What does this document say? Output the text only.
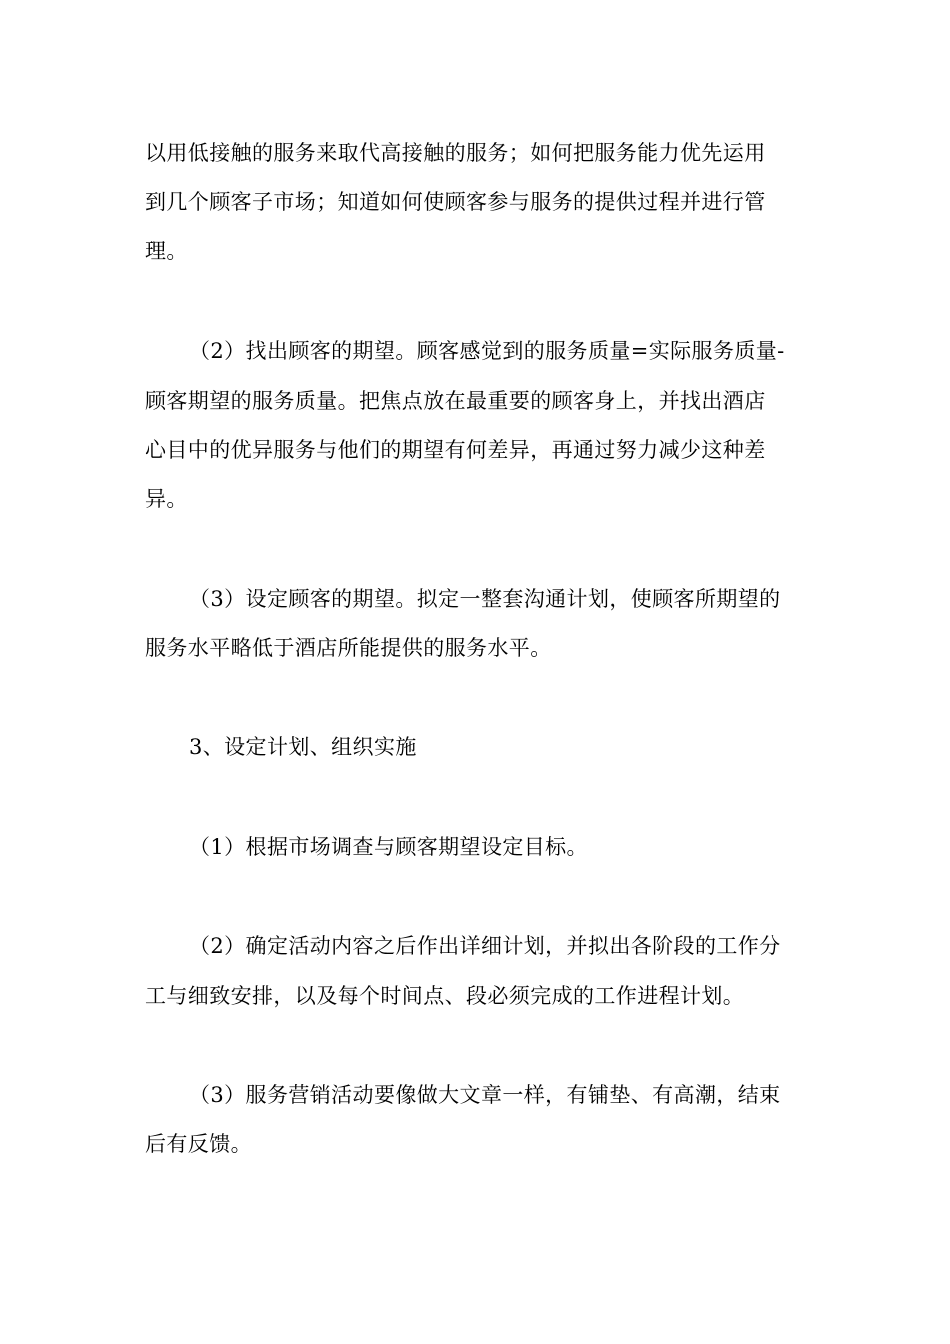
以用低接触的服务来取代高接触的服务；如何把服务能力优先运用
到几个顾客子市场；知道如何使顾客参与服务的提供过程并进行管
理。
（2）找出顾客的期望。顾客感觉到的服务质量=实际服务质量-
顾客期望的服务质量。把焦点放在最重要的顾客身上，并找出酒店
心目中的优异服务与他们的期望有何差异，再通过努力减少这种差
异。
（3）设定顾客的期望。拟定一整套沟通计划，使顾客所期望的
服务水平略低于酒店所能提供的服务水平。
3、设定计划、组织实施
（1）根据市场调查与顾客期望设定目标。
（2）确定活动内容之后作出详细计划，并拟出各阶段的工作分
工与细致安排，以及每个时间点、段必须完成的工作进程计划。
（3）服务营销活动要像做大文章一样，有铺垫、有高潮，结束
后有反馈。
